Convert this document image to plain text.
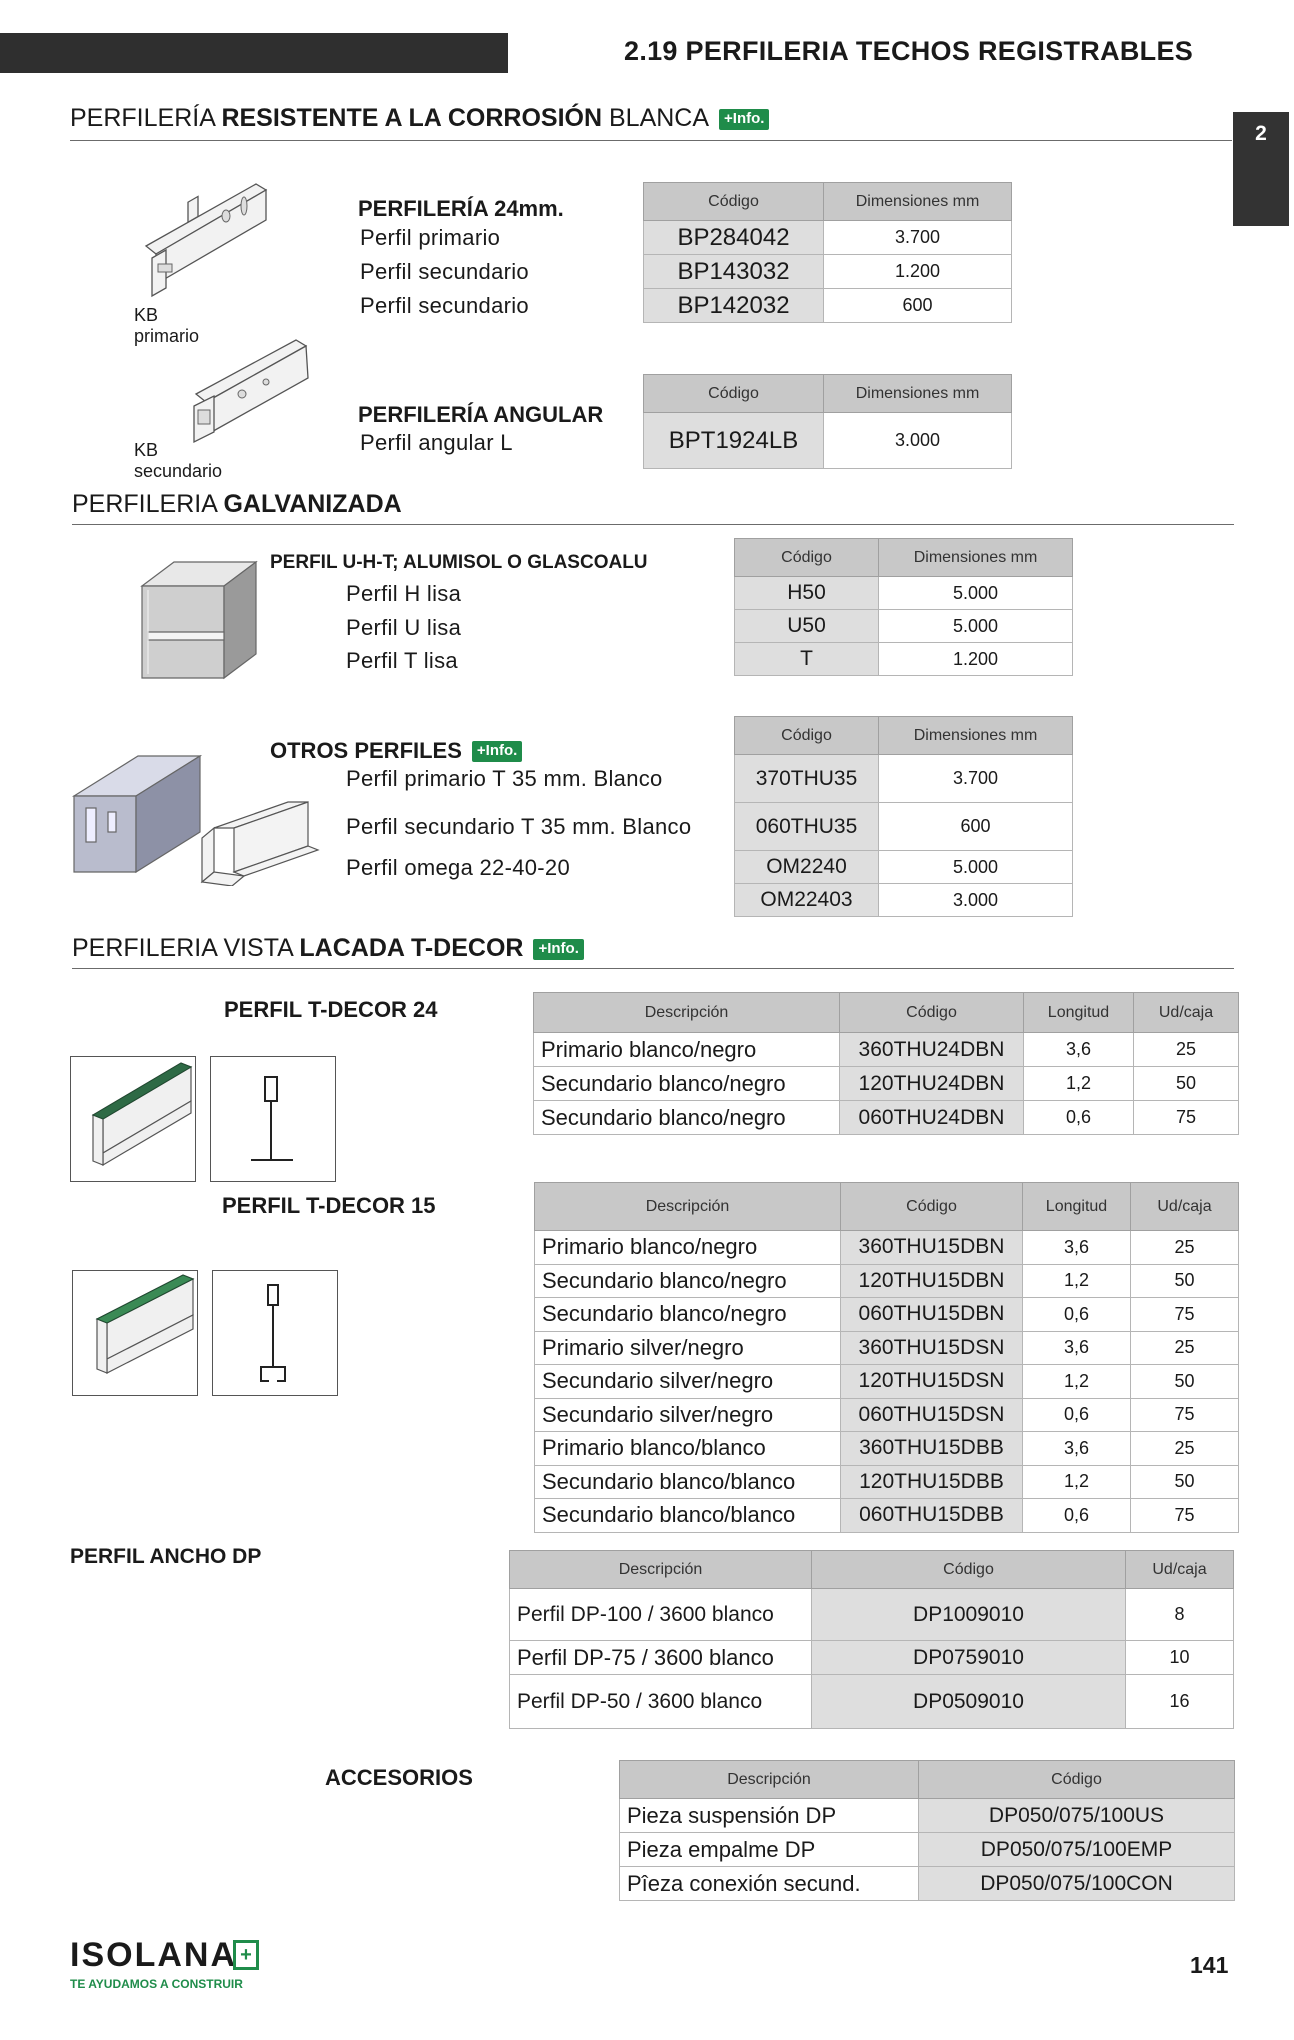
2.19 PERFILERIA TECHOS REGISTRABLES
2
PERFILERÍA RESISTENTE A LA CORROSIÓN BLANCA +Info.
KB
primario
KB
secundario
PERFILERÍA 24mm.
Perfil primario
Perfil secundario
Perfil secundario
Código	Dimensiones mm
BP284042	3.700
BP143032	1.200
BP142032	600
PERFILERÍA ANGULAR
Perfil angular L
Código	Dimensiones mm
BPT1924LB	3.000
PERFILERIA GALVANIZADA
PERFIL U-H-T; ALUMISOL O GLASCOALU
Perfil H lisa
Perfil U lisa
Perfil T lisa
Código	Dimensiones mm
H50	5.000
U50	5.000
T	1.200
OTROS PERFILES +Info.
Perfil primario T 35 mm. Blanco
Perfil secundario T 35 mm. Blanco
Perfil omega 22-40-20
Código	Dimensiones mm
370THU35	3.700
060THU35	600
OM2240	5.000
OM22403	3.000
PERFILERIA VISTA LACADA T-DECOR +Info.
PERFIL T-DECOR 24	Descripción	Código	Longitud	Ud/caja
Primario blanco/negro	360THU24DBN	3,6	25
Secundario blanco/negro	120THU24DBN	1,2	50
Secundario blanco/negro	060THU24DBN	0,6	75
PERFIL T-DECOR 15	Descripción	Código	Longitud	Ud/caja
Primario blanco/negro	360THU15DBN	3,6	25
Secundario blanco/negro	120THU15DBN	1,2	50
Secundario blanco/negro	060THU15DBN	0,6	75
Primario silver/negro	360THU15DSN	3,6	25
Secundario silver/negro	120THU15DSN	1,2	50
Secundario silver/negro	060THU15DSN	0,6	75
Primario blanco/blanco	360THU15DBB	3,6	25
Secundario blanco/blanco	120THU15DBB	1,2	50
Secundario blanco/blanco	060THU15DBB	0,6	75
PERFIL ANCHO DP
Descripción	Código	Ud/caja
Perfil DP-100 / 3600 blanco	DP1009010	8
Perfil DP-75 / 3600 blanco	DP0759010	10
Perfil DP-50 / 3600 blanco	DP0509010	16
ACCESORIOS	Descripción	Código
Pieza suspensión DP	DP050/075/100US
Pieza empalme DP	DP050/075/100EMP
Pîeza conexión secund.	DP050/075/100CON
ISOLANA +
TE AYUDAMOS A CONSTRUIR
141
